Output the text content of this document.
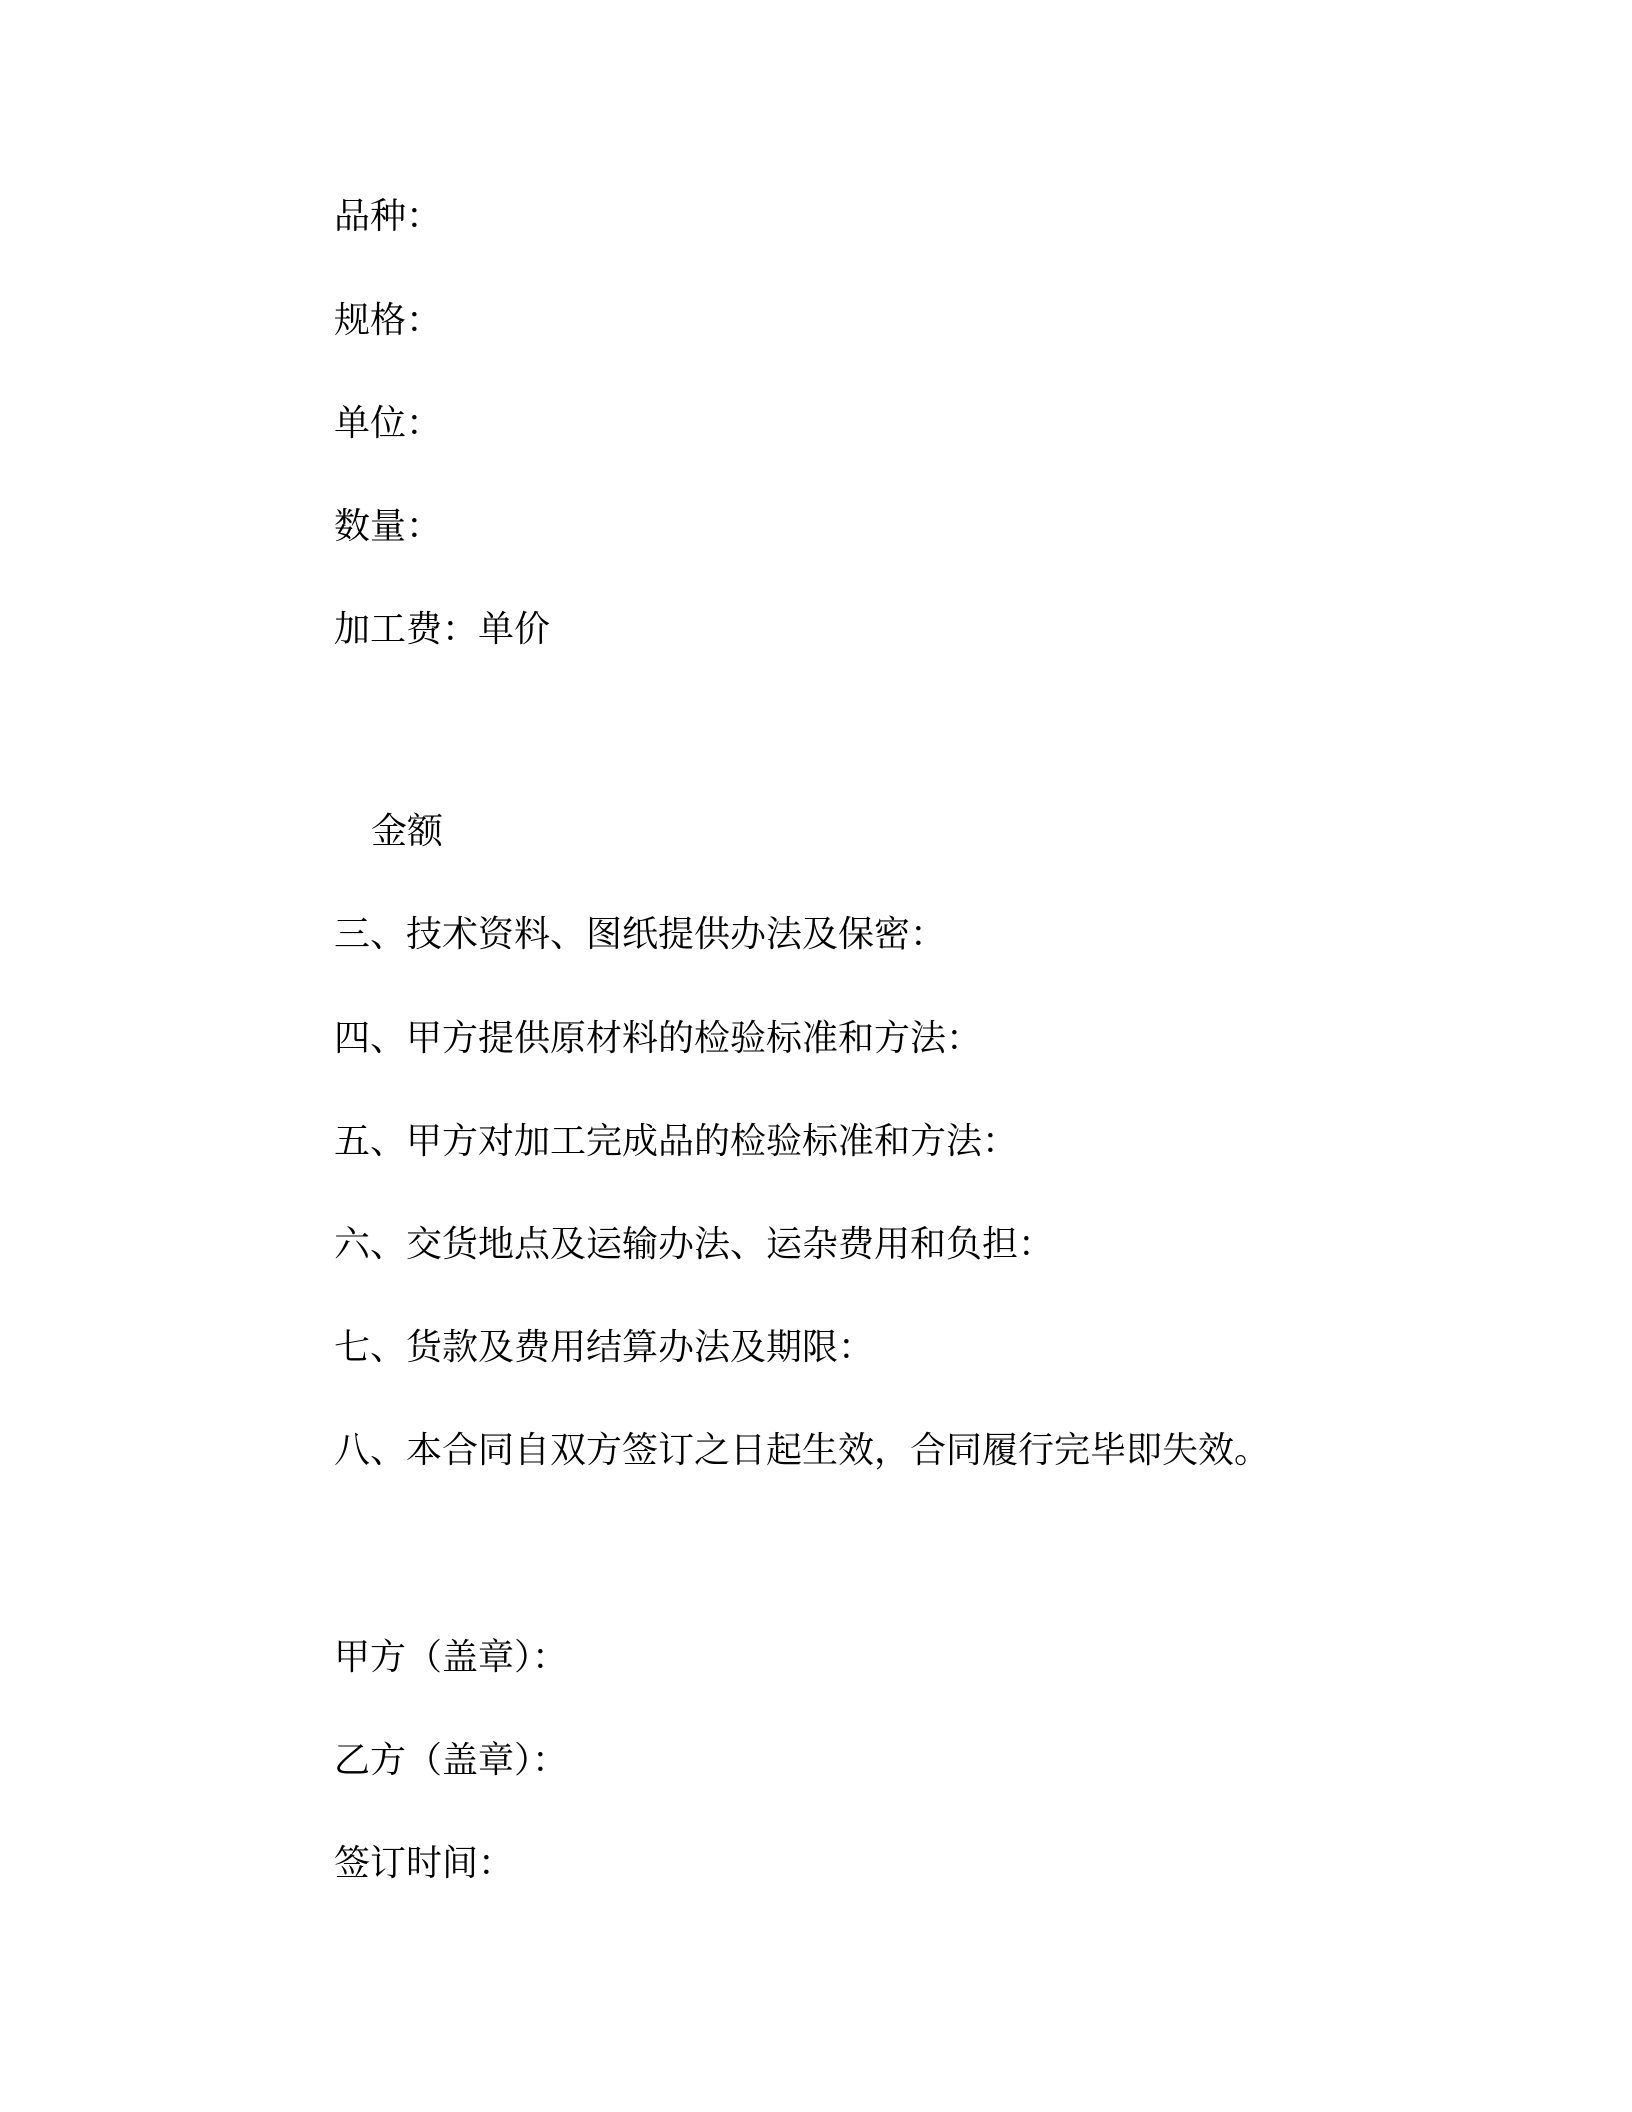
品种：
规格：
单位：
数量：
加工费：单价
金额
三、技术资料、图纸提供办法及保密：
四、甲方提供原材料的检验标准和方法：
五、甲方对加工完成品的检验标准和方法：
六、交货地点及运输办法、运杂费用和负担：
七、货款及费用结算办法及期限：
八、本合同自双方签订之日起生效，合同履行完毕即失效。
甲方（盖章）：
乙方（盖章）：
签订时间：
